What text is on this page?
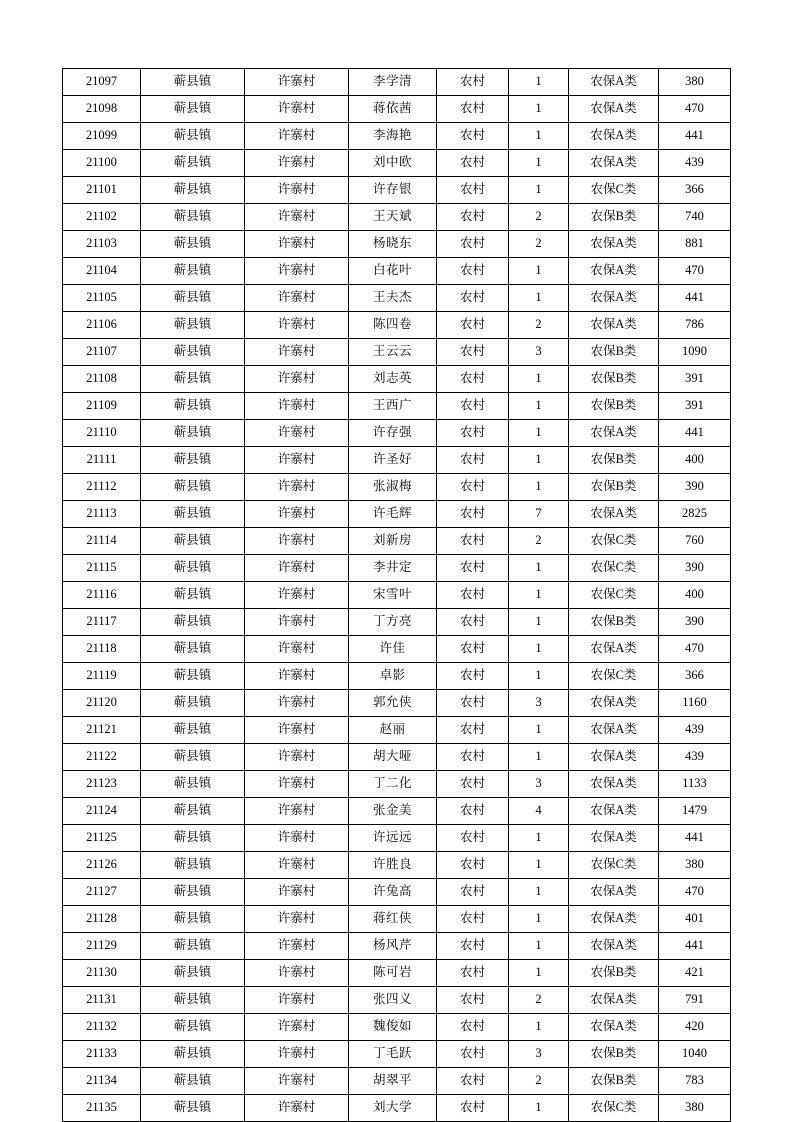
21097	蕲县镇	许寨村	李学清	农村	1	农保A类	380
21098	蕲县镇	许寨村	蒋依茜	农村	1	农保A类	470
21099	蕲县镇	许寨村	李海艳	农村	1	农保A类	441
21100	蕲县镇	许寨村	刘中欧	农村	1	农保A类	439
21101	蕲县镇	许寨村	许存银	农村	1	农保C类	366
21102	蕲县镇	许寨村	王天斌	农村	2	农保B类	740
21103	蕲县镇	许寨村	杨晓东	农村	2	农保A类	881
21104	蕲县镇	许寨村	白花叶	农村	1	农保A类	470
21105	蕲县镇	许寨村	王夫杰	农村	1	农保A类	441
21106	蕲县镇	许寨村	陈四卷	农村	2	农保A类	786
21107	蕲县镇	许寨村	王云云	农村	3	农保B类	1090
21108	蕲县镇	许寨村	刘志英	农村	1	农保B类	391
21109	蕲县镇	许寨村	王西广	农村	1	农保B类	391
21110	蕲县镇	许寨村	许存强	农村	1	农保A类	441
21111	蕲县镇	许寨村	许圣好	农村	1	农保B类	400
21112	蕲县镇	许寨村	张淑梅	农村	1	农保B类	390
21113	蕲县镇	许寨村	许毛辉	农村	7	农保A类	2825
21114	蕲县镇	许寨村	刘新房	农村	2	农保C类	760
21115	蕲县镇	许寨村	李井定	农村	1	农保C类	390
21116	蕲县镇	许寨村	宋雪叶	农村	1	农保C类	400
21117	蕲县镇	许寨村	丁方亮	农村	1	农保B类	390
21118	蕲县镇	许寨村	许佳	农村	1	农保A类	470
21119	蕲县镇	许寨村	卓影	农村	1	农保C类	366
21120	蕲县镇	许寨村	郭允侠	农村	3	农保A类	1160
21121	蕲县镇	许寨村	赵丽	农村	1	农保A类	439
21122	蕲县镇	许寨村	胡大哑	农村	1	农保A类	439
21123	蕲县镇	许寨村	丁二化	农村	3	农保A类	1133
21124	蕲县镇	许寨村	张金美	农村	4	农保A类	1479
21125	蕲县镇	许寨村	许远远	农村	1	农保A类	441
21126	蕲县镇	许寨村	许胜良	农村	1	农保C类	380
21127	蕲县镇	许寨村	许兔高	农村	1	农保A类	470
21128	蕲县镇	许寨村	蒋红侠	农村	1	农保A类	401
21129	蕲县镇	许寨村	杨风芹	农村	1	农保A类	441
21130	蕲县镇	许寨村	陈可岩	农村	1	农保B类	421
21131	蕲县镇	许寨村	张四义	农村	2	农保A类	791
21132	蕲县镇	许寨村	魏俊如	农村	1	农保A类	420
21133	蕲县镇	许寨村	丁毛跃	农村	3	农保B类	1040
21134	蕲县镇	许寨村	胡翠平	农村	2	农保B类	783
21135	蕲县镇	许寨村	刘大学	农村	1	农保C类	380
